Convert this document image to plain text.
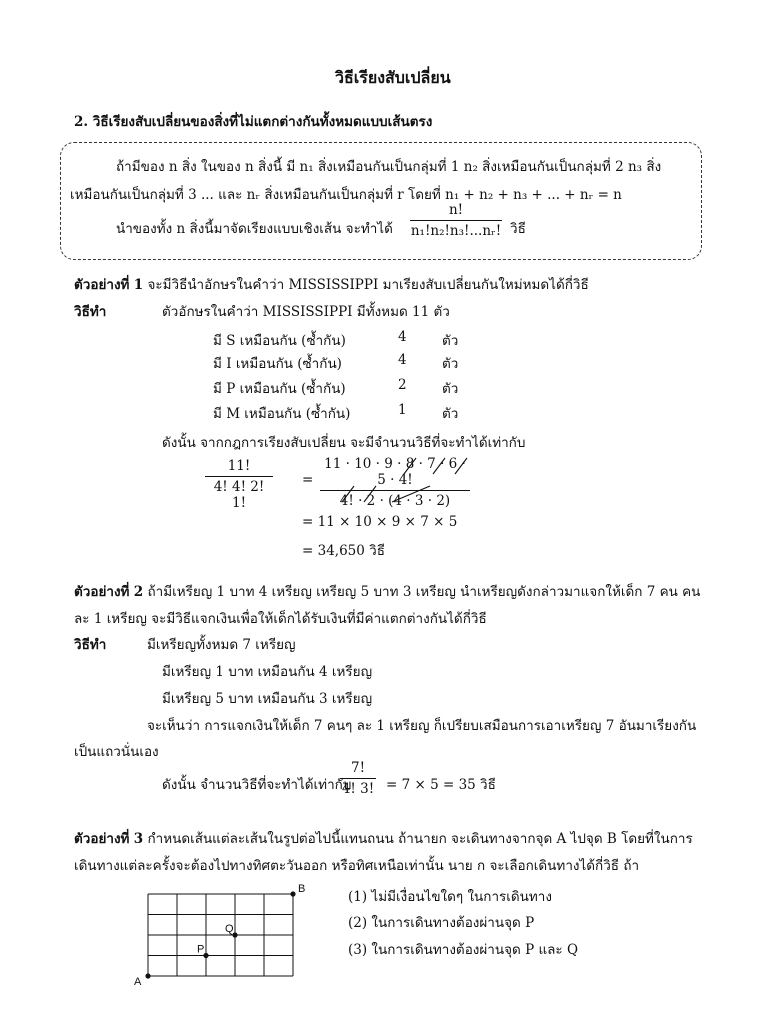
วิธีเรียงสับเปลี่ยน
2. วิธีเรียงสับเปลี่ยนของสิ่งที่ไม่แตกต่างกันทั้งหมดแบบเส้นตรง
ถ้ามีของ n สิ่ง ในของ n สิ่งนี้ มี n₁ สิ่งเหมือนกันเป็นกลุ่มที่ 1 n₂ สิ่งเหมือนกันเป็นกลุ่มที่ 2 n₃ สิ่ง
เหมือนกันเป็นกลุ่มที่ 3 ... และ nᵣ สิ่งเหมือนกันเป็นกลุ่มที่ r โดยที่ n₁ + n₂ + n₃ + ... + nᵣ = n
นำของทั้ง n สิ่งนี้มาจัดเรียงแบบเชิงเส้น จะทำได้
n!
n₁!n₂!n₃!...nᵣ! วิธี
ตัวอย่างที่ 1 จะมีวิธีนำอักษรในคำว่า MISSISSIPPI มาเรียงสับเปลี่ยนกันใหม่หมดได้กี่วิธี
วิธีทำ	ตัวอักษรในคำว่า MISSISSIPPI มีทั้งหมด 11 ตัว
มี S เหมือนกัน (ซ้ำกัน)	4	ตัว
มี I เหมือนกัน (ซ้ำกัน)	4	ตัว
มี P เหมือนกัน (ซ้ำกัน)	2	ตัว
มี M เหมือนกัน (ซ้ำกัน)	1	ตัว
ดังนั้น จากกฎการเรียงสับเปลี่ยน จะมีจำนวนวิธีที่จะทำได้เท่ากับ
11!
4! 4! 2! 1!
=
11 · 10 · 9 · 8 · 7 · 6 · 5 · 4!
4! · 2 · (4 · 3 · 2)
= 11 × 10 × 9 × 7 × 5
= 34,650 วิธี
ตัวอย่างที่ 2 ถ้ามีเหรียญ 1 บาท 4 เหรียญ เหรียญ 5 บาท 3 เหรียญ นำเหรียญดังกล่าวมาแจกให้เด็ก 7 คน คน
ละ 1 เหรียญ จะมีวิธีแจกเงินเพื่อให้เด็กได้รับเงินที่มีค่าแตกต่างกันได้กี่วิธี
วิธีทำ	มีเหรียญทั้งหมด 7 เหรียญ
มีเหรียญ 1 บาท เหมือนกัน 4 เหรียญ
มีเหรียญ 5 บาท เหมือนกัน 3 เหรียญ
จะเห็นว่า การแจกเงินให้เด็ก 7 คนๆ ละ 1 เหรียญ ก็เปรียบเสมือนการเอาเหรียญ 7 อันมาเรียงกัน
เป็นแถวนั่นเอง
ดังนั้น จำนวนวิธีที่จะทำได้เท่ากับ
7!
4! 3! = 7 × 5 = 35 วิธี
ตัวอย่างที่ 3 กำหนดเส้นแต่ละเส้นในรูปต่อไปนี้แทนถนน ถ้านายก จะเดินทางจากจุด A ไปจุด B โดยที่ในการ
เดินทางแต่ละครั้งจะต้องไปทางทิศตะวันออก หรือทิศเหนือเท่านั้น นาย ก จะเลือกเดินทางได้กี่วิธี ถ้า
(1) ไม่มีเงื่อนไขใดๆ ในการเดินทาง
(2) ในการเดินทางต้องผ่านจุด P
(3) ในการเดินทางต้องผ่านจุด P และ Q
A
B
P
Q
